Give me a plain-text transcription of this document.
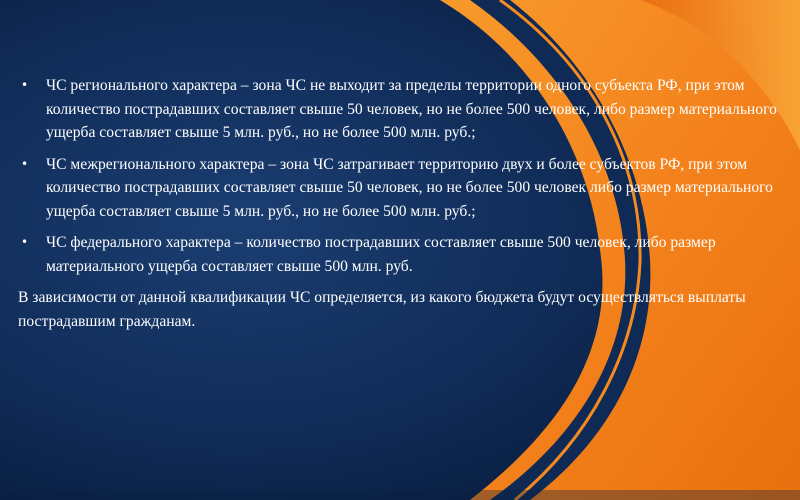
• ЧС регионального характера – зона ЧС не выходит за пределы территории одного субъекта РФ, при этом количество пострадавших составляет свыше 50 человек, но не более 500 человек, либо размер материального ущерба составляет свыше 5 млн. руб., но не более 500 млн. руб.;
• ЧС межрегионального характера – зона ЧС затрагивает территорию двух и более субъектов РФ, при этом количество пострадавших составляет свыше 50 человек, но не более 500 человек либо размер материального ущерба составляет свыше 5 млн. руб., но не более 500 млн. руб.;
• ЧС федерального характера – количество пострадавших составляет свыше 500 человек, либо размер материального ущерба составляет свыше 500 млн. руб.

В зависимости от данной квалификации ЧС определяется, из какого бюджета будут осуществляться выплаты пострадавшим гражданам.
